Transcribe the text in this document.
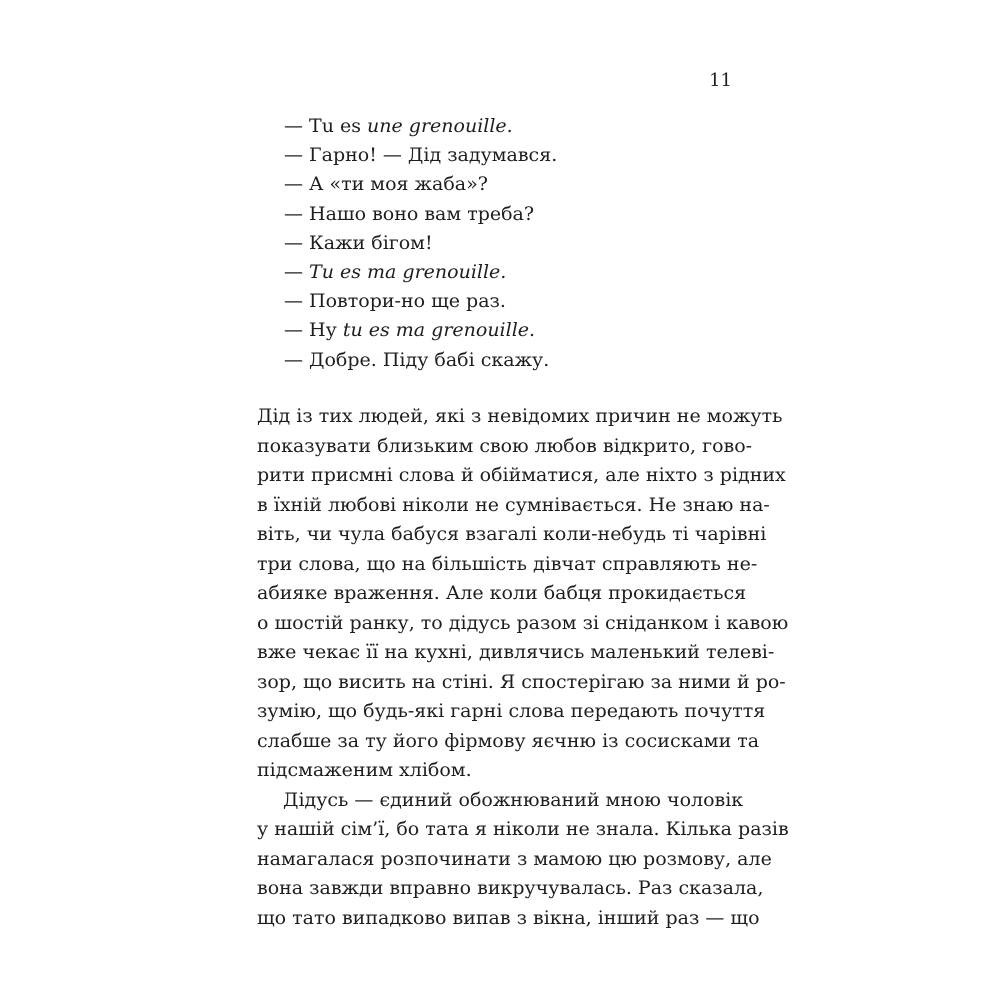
11
— Tu es une grenouille.
— Гарно! — Дід задумався.
— А «ти моя жаба»?
— Нашо воно вам треба?
— Кажи бігом!
— Tu es ma grenouille.
— Повтори-но ще раз.
— Ну tu es ma grenouille.
— Добре. Піду бабі скажу.
Дід із тих людей, які з невідомих причин не можуть
показувати близьким свою любов відкрито, гово-
рити присмні слова й обійматися, але ніхто з рідних
в їхній любові ніколи не сумнівається. Не знаю на-
віть, чи чула бабуся взагалі коли-небудь ті чарівні
три слова, що на більшість дівчат справляють не-
абияке враження. Але коли бабця прокидається
о шостій ранку, то дідусь разом зі сніданком і кавою
вже чекає її на кухні, дивлячись маленький телеві-
зор, що висить на стіні. Я спостерігаю за ними й ро-
зумію, що будь-які гарні слова передають почуття
слабше за ту його фірмову яєчню із сосисками та
підсмаженим хлібом.
Дідусь — єдиний обожнюваний мною чоловік
у нашій сім’ї, бо тата я ніколи не знала. Кілька разів
намагалася розпочинати з мамою цю розмову, але
вона завжди вправно викручувалась. Раз сказала,
що тато випадково випав з вікна, інший раз — що
